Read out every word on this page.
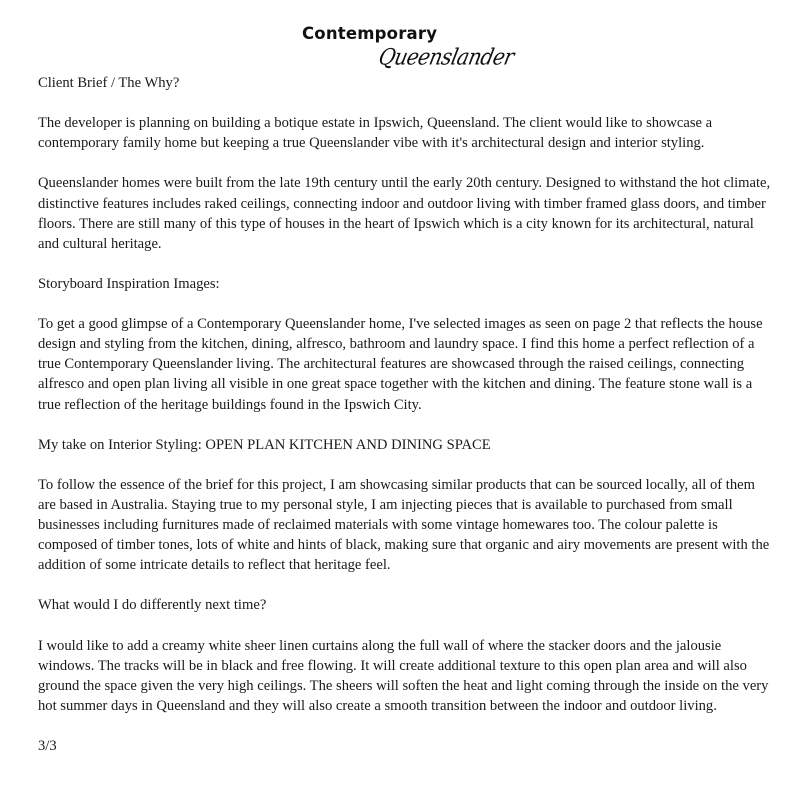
Contemporary
Queenslander

Client Brief / The Why?

The developer is planning on building a botique estate in Ipswich, Queensland. The client would like to showcase a contemporary family home but keeping a true Queenslander vibe with it's architectural design and interior styling.

Queenslander homes were built from the late 19th century until the early 20th century. Designed to withstand the hot climate, distinctive features includes raked ceilings, connecting indoor and outdoor living with timber framed glass doors, and timber floors. There are still many of this type of houses in the heart of Ipswich which is a city known for its architectural, natural and cultural heritage.

Storyboard Inspiration Images:

To get a good glimpse of a Contemporary Queenslander home, I've selected images as seen on page 2 that reflects the house design and styling from the kitchen, dining, alfresco, bathroom and laundry space. I find this home a perfect reflection of a true Contemporary Queenslander living. The architectural features are showcased through the raised ceilings, connecting alfresco and open plan living all visible in one great space together with the kitchen and dining. The feature stone wall is a true reflection of the heritage buildings found in the Ipswich City.

My take on Interior Styling: OPEN PLAN KITCHEN AND DINING SPACE

To follow the essence of the brief for this project, I am showcasing similar products that can be sourced locally, all of them are based in Australia. Staying true to my personal style, I am injecting pieces that is available to purchased from small businesses including furnitures made of reclaimed materials with some vintage homewares too. The colour palette is composed of timber tones, lots of white and hints of black, making sure that organic and airy movements are present with the addition of some intricate details to reflect that heritage feel.

What would I do differently next time?

I would like to add a creamy white sheer linen curtains along the full wall of where the stacker doors and the jalousie windows. The tracks will be in black and free flowing. It will create additional texture to this open plan area and will also ground the space given the very high ceilings. The sheers will soften the heat and light coming through the inside on the very hot summer days in Queensland and they will also create a smooth transition between the indoor and outdoor living.

3/3
